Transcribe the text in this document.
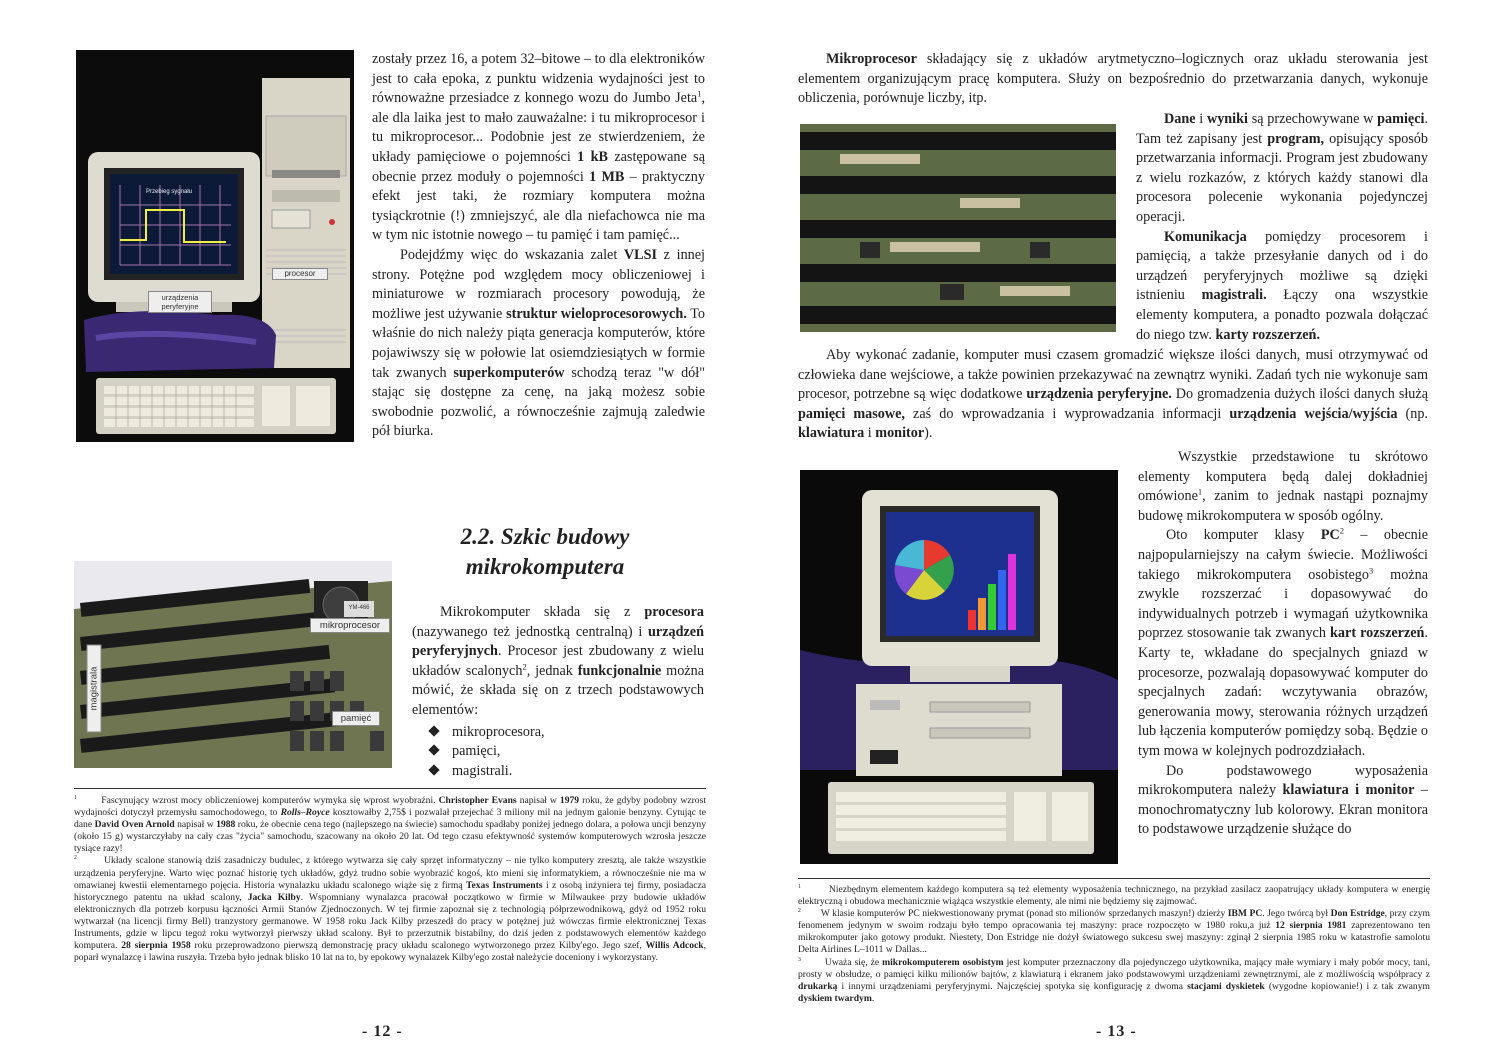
Przebieg sygnału
urządzenia peryferyjne
procesor

zostały przez 16, a potem 32–bitowe – to dla elektroników jest to cała epoka, z punktu widzenia wydajności jest to równoważne przesiadce z konnego wozu do Jumbo Jeta$^1$, ale dla laika jest to mało zauważalne: i tu mikroprocesor i tu mikroprocesor... Podobnie jest ze stwierdzeniem, że układy pamięciowe o pojemności 1 kB zastępowane są obecnie przez moduły o pojemności 1 MB – praktyczny efekt jest taki, że rozmiary komputera można tysiąckrotnie (!) zmniejszyć, ale dla niefachowca nie ma w tym nic istotnie nowego – tu pamięć i tam pamięć...

Podejdźmy więc do wskazania zalet VLSI z innej strony. Potężne pod względem mocy obliczeniowej i miniaturowe w rozmiarach procesory powodują, że możliwe jest używanie struktur wieloprocesorowych. To właśnie do nich należy piąta generacja komputerów, które pojawiwszy się w połowie lat osiemdziesiątych w formie tak zwanych superkomputerów schodzą teraz "w dół" stając się dostępne za cenę, na jaką możesz sobie swobodnie pozwolić, a równocześnie zajmują zaledwie pół biurka.

2.2. Szkic budowy
mikrokomputera
YM-466
mikroprocesor
magistrala
pamięć

Mikrokomputer składa się z procesora (nazywanego też jednostką centralną) i urządzeń peryferyjnych. Procesor jest zbudowany z wielu układów scalonych$^2$, jednak funkcjonalnie można mówić, że składa się on z trzech podstawowych elementów:

mikroprocesora,
pamięci,
magistrali.

$^1$	Fascynujący wzrost mocy obliczeniowej komputerów wymyka się wprost wyobraźni. Christopher Evans napisał w 1979 roku, że gdyby podobny wzrost wydajności dotyczył przemysłu samochodowego, to Rolls–Royce kosztowałby 2,75$ i pozwalał przejechać 3 miliony mil na jednym galonie benzyny. Cytując te dane David Oven Arnold napisał w 1988 roku, że obecnie cena tego (najlepszego na świecie) samochodu spadłaby poniżej jednego dolara, a połowa uncji benzyny (około 15 g) wystarczyłaby na cały czas "życia" samochodu, szacowany na około 20 lat. Od tego czasu efektywność systemów komputerowych wzrosła jeszcze tysiące razy!

$^2$	Układy scalone stanowią dziś zasadniczy budulec, z którego wytwarza się cały sprzęt informatyczny – nie tylko komputery zresztą, ale także wszystkie urządzenia peryferyjne. Warto więc poznać historię tych układów, gdyż trudno sobie wyobrazić kogoś, kto mieni się informatykiem, a równocześnie nie ma w omawianej kwestii elementarnego pojęcia. Historia wynalazku układu scalonego wiąże się z firmą Texas Instruments i z osobą inżyniera tej firmy, posiadacza historycznego patentu na układ scalony, Jacka Kilby. Wspomniany wynalazca pracował początkowo w firmie w Milwaukee przy budowie układów elektronicznych dla potrzeb korpusu łączności Armii Stanów Zjednoczonych. W tej firmie zapoznał się z technologią półprzewodnikową, gdyż od 1952 roku wytwarzał (na licencji firmy Bell) tranzystory germanowe. W 1958 roku Jack Kilby przeszedł do pracy w potężnej już wówczas firmie elektronicznej Texas Instruments, gdzie w lipcu tegoż roku wytworzył pierwszy układ scalony. Był to przerzutnik bistabilny, do dziś jeden z podstawowych elementów każdego komputera. 28 sierpnia 1958 roku przeprowadzono pierwszą demonstrację pracy układu scalonego wytworzonego przez Kilby'ego. Jego szef, Willis Adcock, poparł wynalazcę i lawina ruszyła. Trzeba było jednak blisko 10 lat na to, by epokowy wynalazek Kilby'ego został należycie doceniony i wykorzystany.

- 12 -

Mikroprocesor składający się z układów arytmetyczno–logicznych oraz układu sterowania jest elementem organizującym pracę komputera. Służy on bezpośrednio do przetwarzania danych, wykonuje obliczenia, porównuje liczby, itp.

Dane i wyniki są przechowywane w pamięci. Tam też zapisany jest program, opisujący sposób przetwarzania informacji. Program jest zbudowany z wielu rozkazów, z których każdy stanowi dla procesora polecenie wykonania pojedynczej operacji.

Komunikacja pomiędzy procesorem i pamięcią, a także przesyłanie danych od i do urządzeń peryferyjnych możliwe są dzięki istnieniu magistrali. Łączy ona wszystkie elementy komputera, a ponadto pozwala dołączać do niego tzw. karty rozszerzeń.

Aby wykonać zadanie, komputer musi czasem gromadzić większe ilości danych, musi otrzymywać od człowieka dane wejściowe, a także powinien przekazywać na zewnątrz wyniki. Zadań tych nie wykonuje sam procesor, potrzebne są więc dodatkowe urządzenia peryferyjne. Do gromadzenia dużych ilości danych służą pamięci masowe, zaś do wprowadzania i wyprowadzania informacji urządzenia wejścia/wyjścia (np. klawiatura i monitor).

Wszystkie przedstawione tu skrótowo elementy komputera będą dalej dokładniej omówione$^1$, zanim to jednak nastąpi poznajmy budowę mikrokomputera w sposób ogólny.

Oto komputer klasy $PC^2$ – obecnie najpopularniejszy na całym świecie. Możliwości takiego mikrokomputera osobistego$^3$ można zwykle rozszerzać i dopasowywać do indywidualnych potrzeb i wymagań użytkownika poprzez stosowanie tak zwanych kart rozszerzeń. Karty te, wkładane do specjalnych gniazd w procesorze, pozwalają dopasowywać komputer do specjalnych zadań: wczytywania obrazów, generowania mowy, sterowania różnych urządzeń lub łączenia komputerów pomiędzy sobą. Będzie o tym mowa w kolejnych podrozdziałach.

Do podstawowego wyposażenia mikrokomputera należy klawiatura i monitor – monochromatyczny lub kolorowy. Ekran monitora to podstawowe urządzenie służące do

$^1$	Niezbędnym elementem każdego komputera są też elementy wyposażenia technicznego, na przykład zasilacz zaopatrujący układy komputera w energię elektryczną i obudowa mechanicznie wiążąca wszystkie elementy, ale nimi nie będziemy się zajmować.

$^2$ W klasie komputerów PC niekwestionowany prymat (ponad sto milionów sprzedanych maszyn!) dzierży IBM PC. Jego twórcą był Don Estridge, przy czym fenomenem jedynym w swoim rodzaju było tempo opracowania tej maszyny: prace rozpoczęto w 1980 roku,a już 12 sierpnia 1981 zaprezentowano ten mikrokomputer jako gotowy produkt. Niestety, Don Estridge nie dożył światowego sukcesu swej maszyny: zginął 2 sierpnia 1985 roku w katastrofie samolotu Delta Airlines L–1011 w Dallas...

$^3$	Uważa się, że mikrokomputerem osobistym jest komputer przeznaczony dla pojedynczego użytkownika, mający małe wymiary i mały pobór mocy, tani, prosty w obsłudze, o pamięci kilku milionów bajtów, z klawiaturą i ekranem jako podstawowymi urządzeniami zewnętrznymi, ale z możliwością współpracy z drukarką i innymi urządzeniami peryferyjnymi. Najczęściej spotyka się konfigurację z dwoma stacjami dyskietek (wygodne kopiowanie!) i z tak zwanym dyskiem twardym.

- 13 -
